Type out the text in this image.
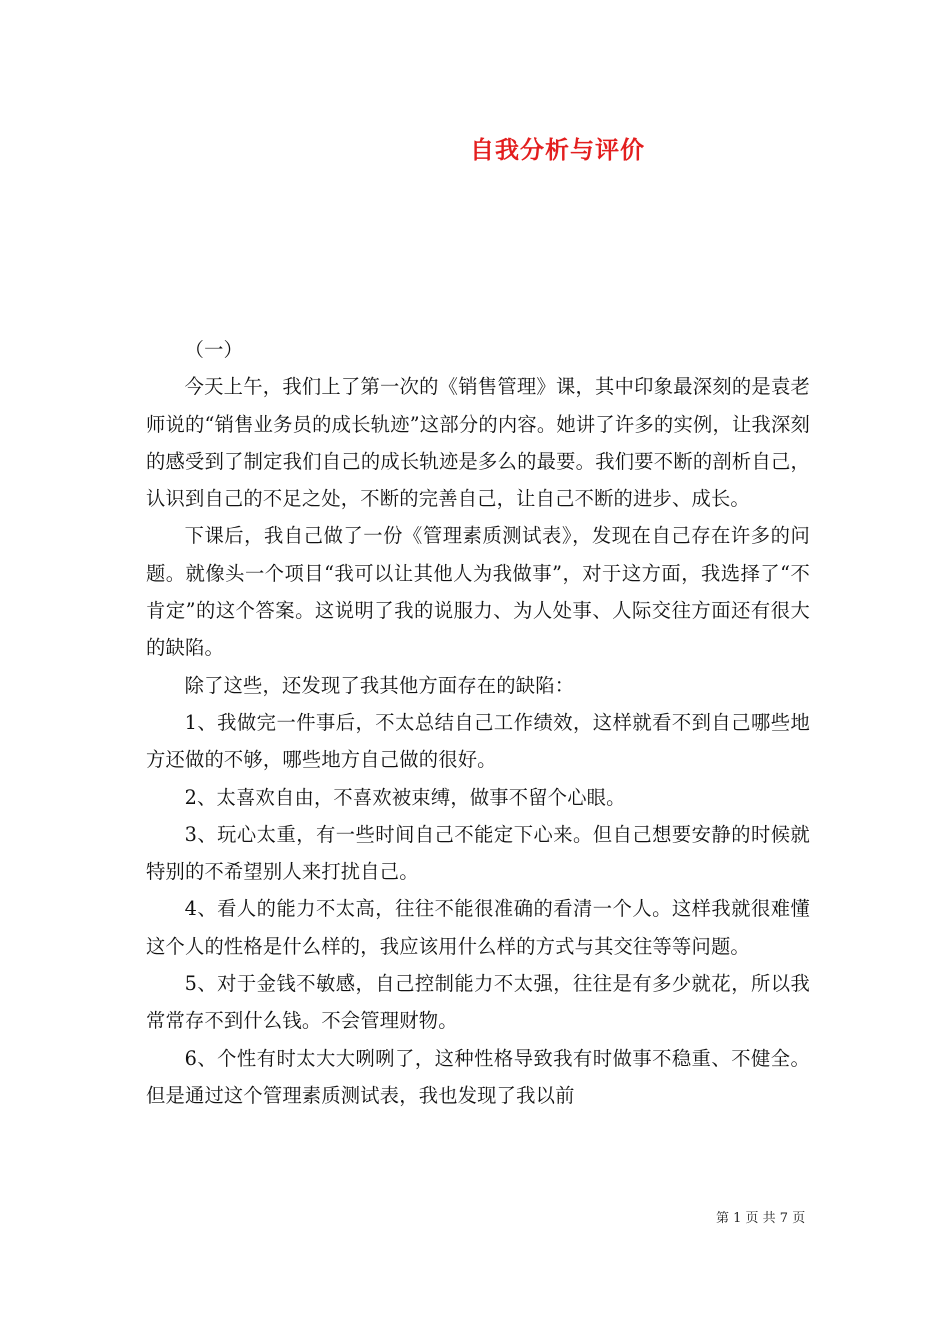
自我分析与评价

（一）

今天上午，我们上了第一次的《销售管理》课，其中印象最深刻的是袁老师说的“销售业务员的成长轨迹”这部分的内容。她讲了许多的实例，让我深刻的感受到了制定我们自己的成长轨迹是多么的最要。我们要不断的剖析自己，认识到自己的不足之处，不断的完善自己，让自己不断的进步、成长。

下课后，我自己做了一份《管理素质测试表》，发现在自己存在许多的问题。就像头一个项目“我可以让其他人为我做事”，对于这方面，我选择了“不肯定”的这个答案。这说明了我的说服力、为人处事、人际交往方面还有很大的缺陷。

除了这些，还发现了我其他方面存在的缺陷：

1、我做完一件事后，不太总结自己工作绩效，这样就看不到自己哪些地方还做的不够，哪些地方自己做的很好。

2、太喜欢自由，不喜欢被束缚，做事不留个心眼。

3、玩心太重，有一些时间自己不能定下心来。但自己想要安静的时候就特别的不希望别人来打扰自己。

4、看人的能力不太高，往往不能很准确的看清一个人。这样我就很难懂这个人的性格是什么样的，我应该用什么样的方式与其交往等等问题。

5、对于金钱不敏感，自己控制能力不太强，往往是有多少就花，所以我常常存不到什么钱。不会管理财物。

6、个性有时太大大咧咧了，这种性格导致我有时做事不稳重、不健全。但是通过这个管理素质测试表，我也发现了我以前

第 1 页 共 7 页
